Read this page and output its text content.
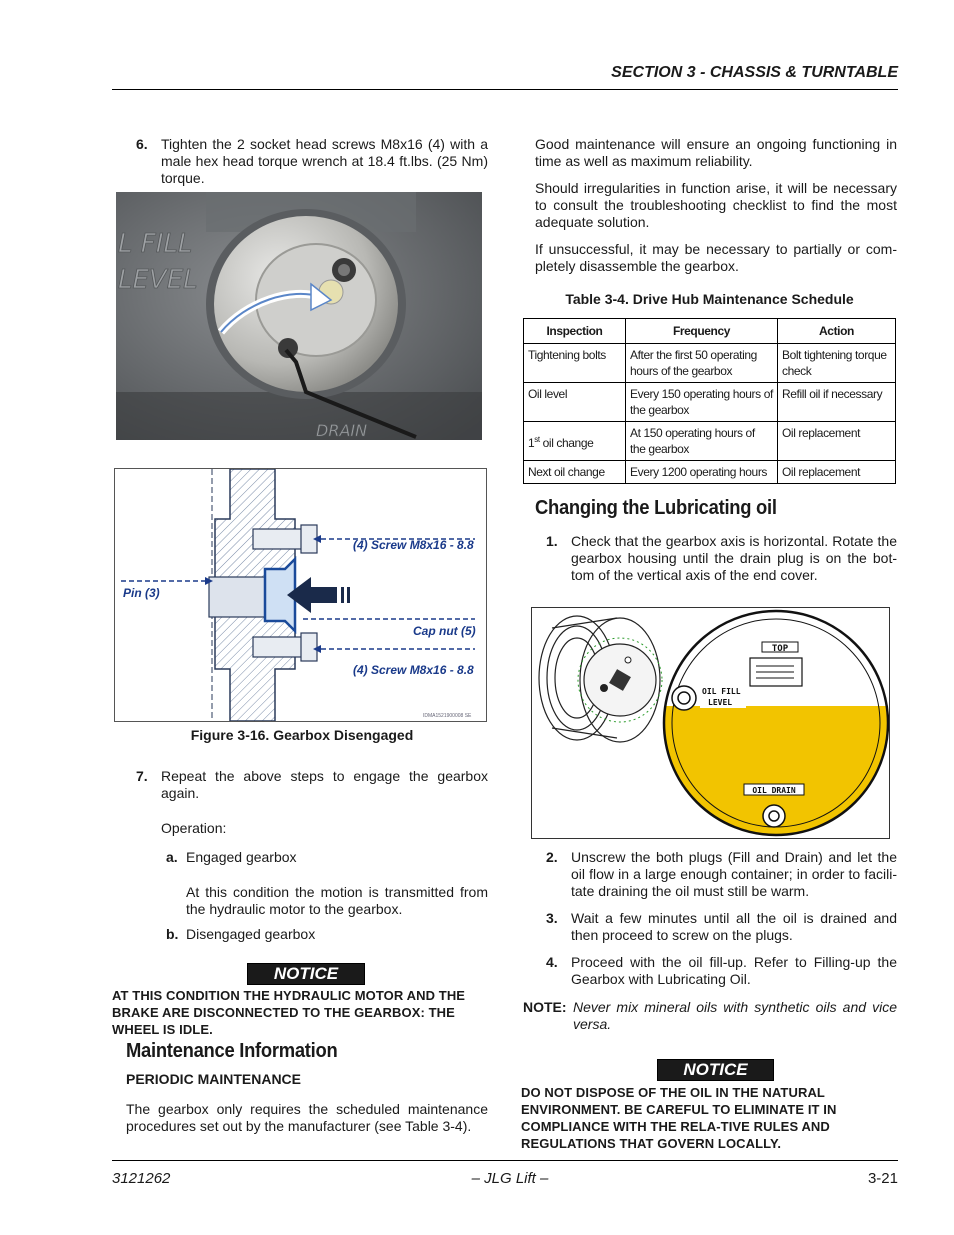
SECTION 3 - CHASSIS & TURNTABLE
6. Tighten the 2 socket head screws M8x16 (4) with a male hex head torque wrench at 18.4 ft.lbs. (25 Nm) torque.
L FILL
LEVEL
DRAIN
(4) Screw M8x16 - 8.8
Pin (3)
Cap nut (5)
(4) Screw M8x16 - 8.8
IDMA1521900008 SE
Figure 3-16. Gearbox Disengaged
7. Repeat the above steps to engage the gearbox again.
Operation:
a. Engaged gearbox
At this condition the motion is transmitted from the hydraulic motor to the gearbox.
b. Disengaged gearbox
NOTICE
AT THIS CONDITION THE HYDRAULIC MOTOR AND THE BRAKE ARE DISCONNECTED TO THE GEARBOX: THE WHEEL IS IDLE.
Maintenance Information
PERIODIC MAINTENANCE
The gearbox only requires the scheduled maintenance procedures set out by the manufacturer (see Table 3-4).
Good maintenance will ensure an ongoing functioning in time as well as maximum reliability.
Should irregularities in function arise, it will be necessary to consult the troubleshooting checklist to find the most adequate solution.
If unsuccessful, it may be necessary to partially or com-pletely disassemble the gearbox.
Table 3-4. Drive Hub Maintenance Schedule
Inspection	Frequency	Action
Tightening bolts	After the first 50 operating hours of the gearbox	Bolt tightening torque check
Oil level	Every 150 operating hours of the gearbox	Refill oil if necessary
1st oil change	At 150 operating hours of the gearbox	Oil replacement
Next oil change	Every 1200 operating hours	Oil replacement
Changing the Lubricating oil
1. Check that the gearbox axis is horizontal. Rotate the gearbox housing until the drain plug is on the bot-tom of the vertical axis of the end cover.
TOP
OIL FILL
LEVEL
OIL DRAIN
2. Unscrew the both plugs (Fill and Drain) and let the oil flow in a large enough container; in order to facili-tate draining the oil must still be warm.
3. Wait a few minutes until all the oil is drained and then proceed to screw on the plugs.
4. Proceed with the oil fill-up. Refer to Filling-up the Gearbox with Lubricating Oil.
NOTE: Never mix mineral oils with synthetic oils and vice versa.
NOTICE
DO NOT DISPOSE OF THE OIL IN THE NATURAL ENVIRONMENT. BE CAREFUL TO ELIMINATE IT IN COMPLIANCE WITH THE RELA-TIVE RULES AND REGULATIONS THAT GOVERN LOCALLY.
3121262	– JLG Lift –	3-21
